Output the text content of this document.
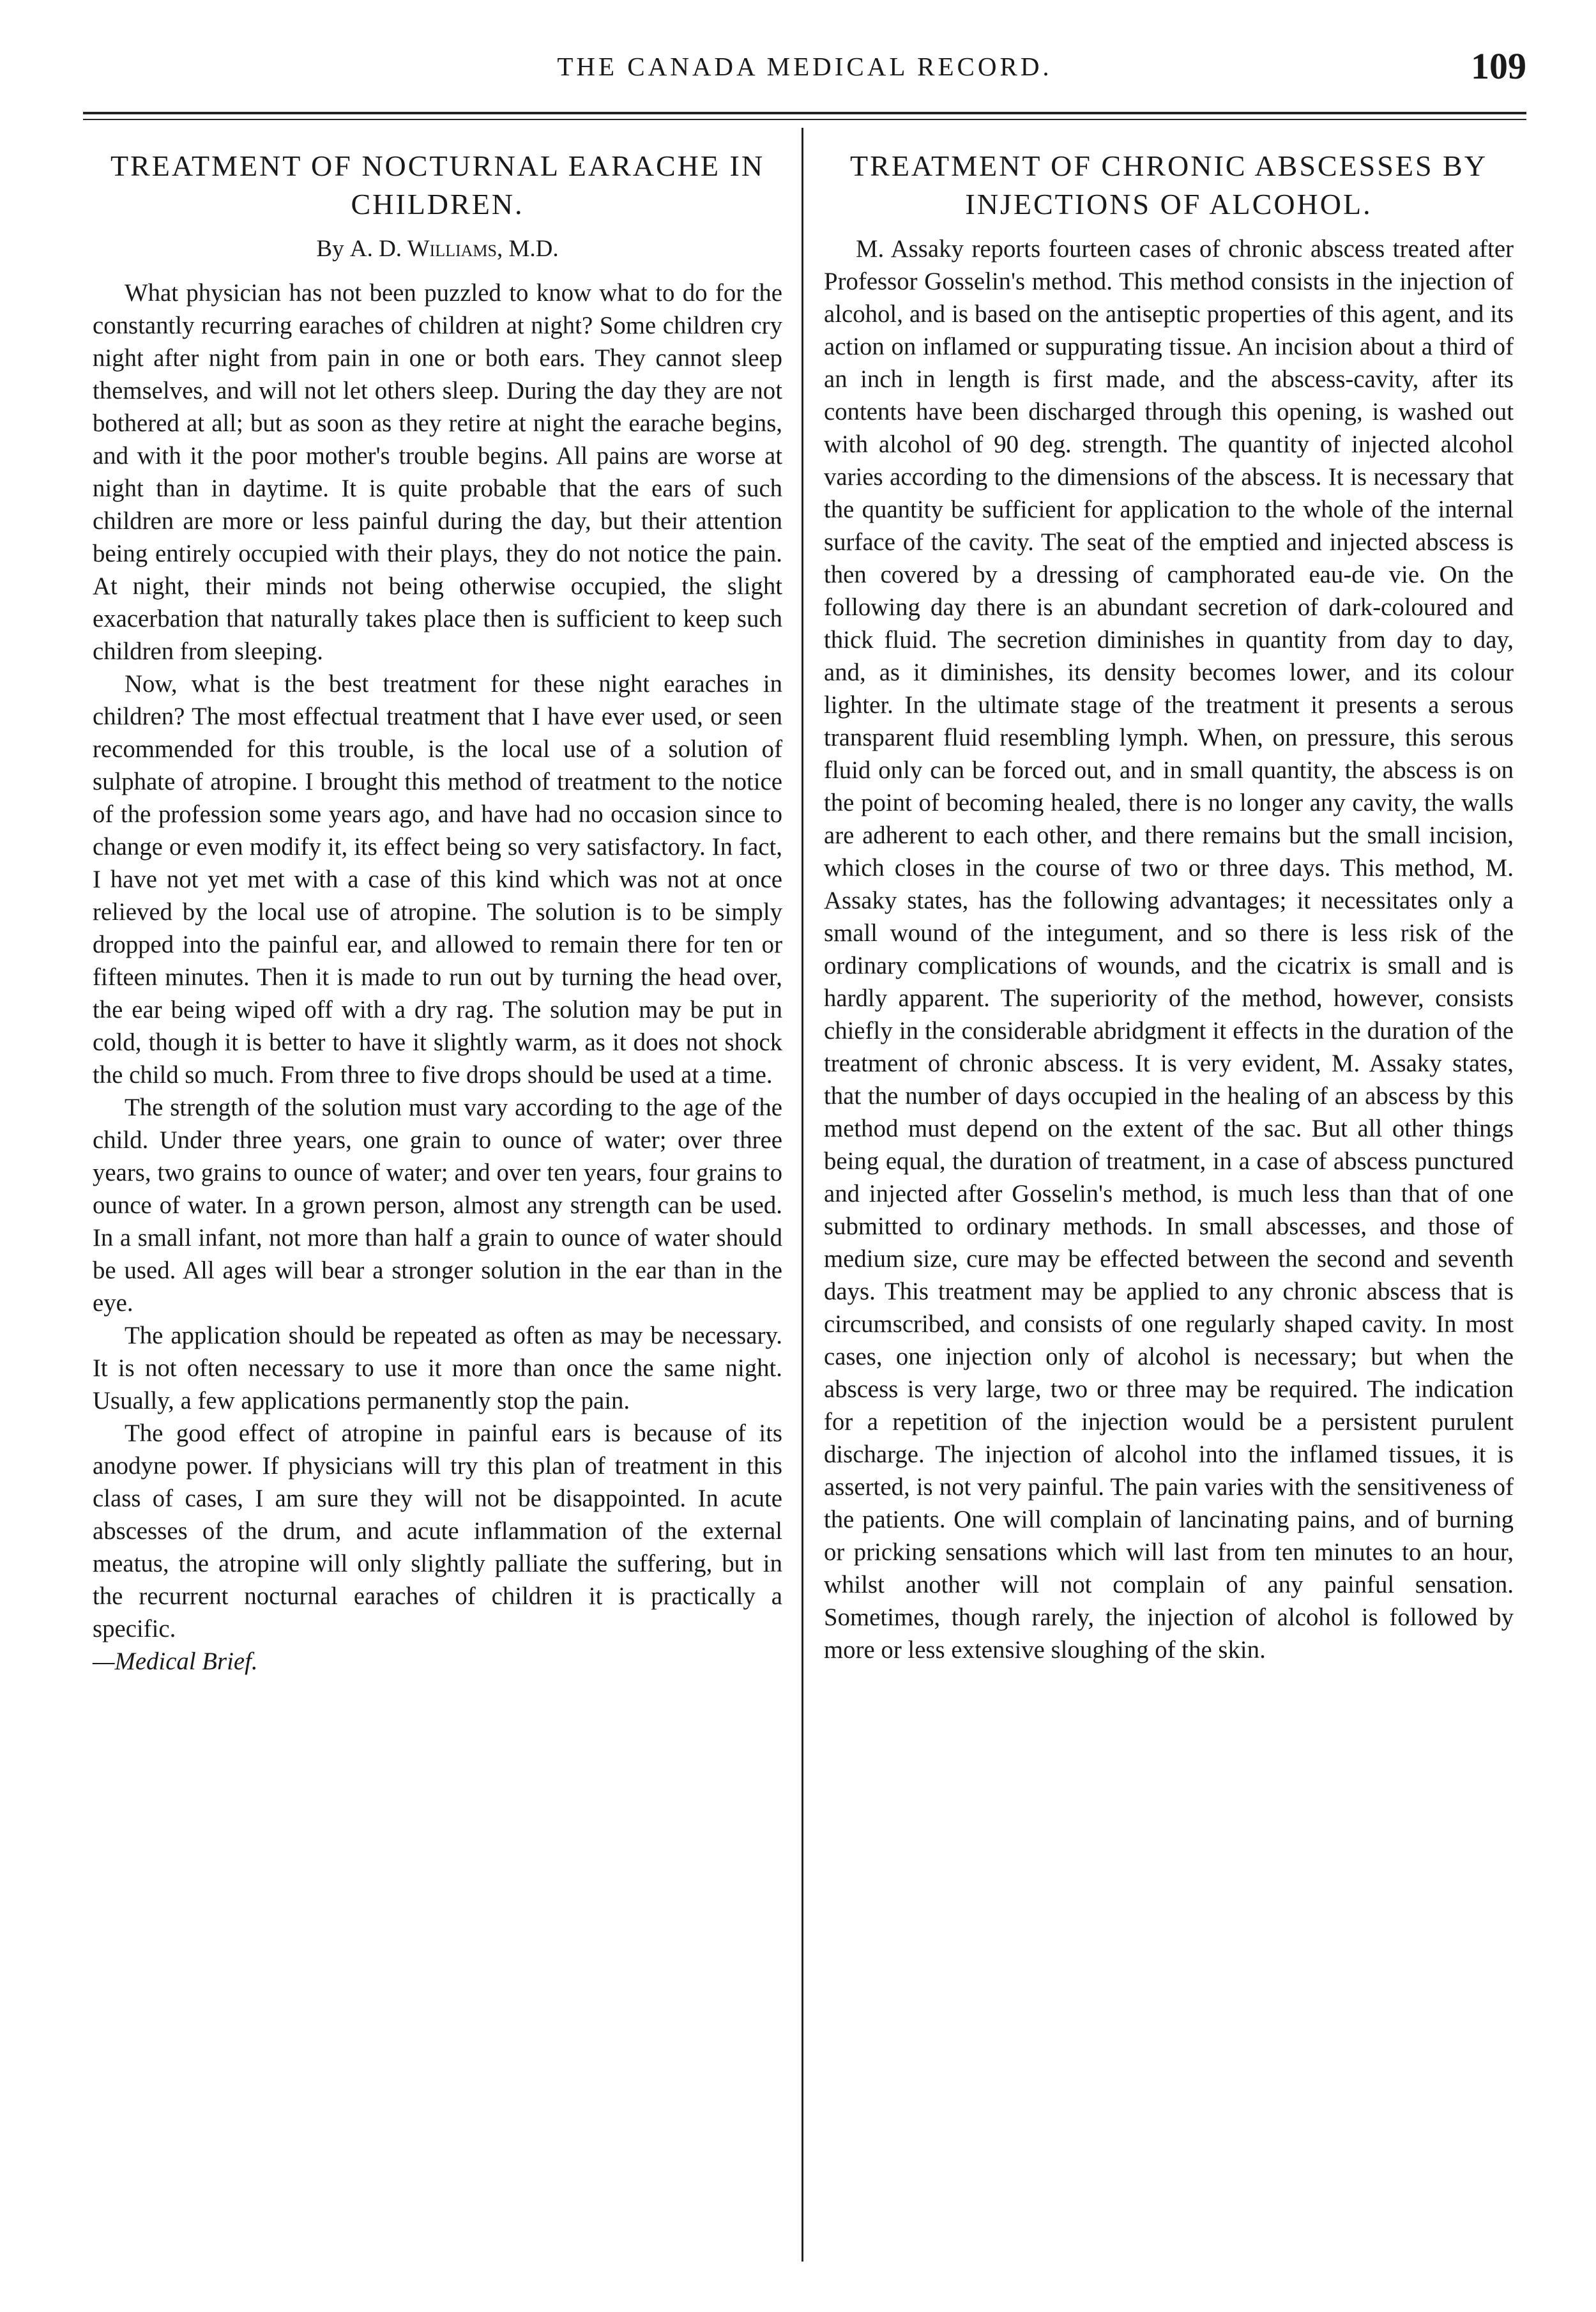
THE CANADA MEDICAL RECORD.	109
TREATMENT OF NOCTURNAL EARACHE IN CHILDREN.
By A. D. Williams, M.D.

What physician has not been puzzled to know what to do for the constantly recurring earaches of children at night? Some children cry night after night from pain in one or both ears. They cannot sleep themselves, and will not let others sleep. During the day they are not bothered at all; but as soon as they retire at night the earache begins, and with it the poor mother's trouble begins. All pains are worse at night than in daytime. It is quite probable that the ears of such children are more or less painful during the day, but their attention being entirely occupied with their plays, they do not notice the pain. At night, their minds not being otherwise occupied, the slight exacerbation that naturally takes place then is sufficient to keep such children from sleeping.

Now, what is the best treatment for these night earaches in children? The most effectual treatment that I have ever used, or seen recommended for this trouble, is the local use of a solution of sulphate of atropine. I brought this method of treatment to the notice of the profession some years ago, and have had no occasion since to change or even modify it, its effect being so very satisfactory. In fact, I have not yet met with a case of this kind which was not at once relieved by the local use of atropine. The solution is to be simply dropped into the painful ear, and allowed to remain there for ten or fifteen minutes. Then it is made to run out by turning the head over, the ear being wiped off with a dry rag. The solution may be put in cold, though it is better to have it slightly warm, as it does not shock the child so much. From three to five drops should be used at a time.

The strength of the solution must vary according to the age of the child. Under three years, one grain to ounce of water; over three years, two grains to ounce of water; and over ten years, four grains to ounce of water. In a grown person, almost any strength can be used. In a small infant, not more than half a grain to ounce of water should be used. All ages will bear a stronger solution in the ear than in the eye.

The application should be repeated as often as may be necessary. It is not often necessary to use it more than once the same night. Usually, a few applications permanently stop the pain.

The good effect of atropine in painful ears is because of its anodyne power. If physicians will try this plan of treatment in this class of cases, I am sure they will not be disappointed. In acute abscesses of the drum, and acute inflammation of the external meatus, the atropine will only slightly palliate the suffering, but in the recurrent nocturnal earaches of children it is practically a specific.

—Medical Brief.

TREATMENT OF CHRONIC ABSCESSES BY INJECTIONS OF ALCOHOL.

M. Assaky reports fourteen cases of chronic abscess treated after Professor Gosselin's method. This method consists in the injection of alcohol, and is based on the antiseptic properties of this agent, and its action on inflamed or suppurating tissue. An incision about a third of an inch in length is first made, and the abscess-cavity, after its contents have been discharged through this opening, is washed out with alcohol of 90 deg. strength. The quantity of injected alcohol varies according to the dimensions of the abscess. It is necessary that the quantity be sufficient for application to the whole of the internal surface of the cavity. The seat of the emptied and injected abscess is then covered by a dressing of camphorated eau-de vie. On the following day there is an abundant secretion of dark-coloured and thick fluid. The secretion diminishes in quantity from day to day, and, as it diminishes, its density becomes lower, and its colour lighter. In the ultimate stage of the treatment it presents a serous transparent fluid resembling lymph. When, on pressure, this serous fluid only can be forced out, and in small quantity, the abscess is on the point of becoming healed, there is no longer any cavity, the walls are adherent to each other, and there remains but the small incision, which closes in the course of two or three days. This method, M. Assaky states, has the following advantages; it necessitates only a small wound of the integument, and so there is less risk of the ordinary complications of wounds, and the cicatrix is small and is hardly apparent. The superiority of the method, however, consists chiefly in the considerable abridgment it effects in the duration of the treatment of chronic abscess. It is very evident, M. Assaky states, that the number of days occupied in the healing of an abscess by this method must depend on the extent of the sac. But all other things being equal, the duration of treatment, in a case of abscess punctured and injected after Gosselin's method, is much less than that of one submitted to ordinary methods. In small abscesses, and those of medium size, cure may be effected between the second and seventh days. This treatment may be applied to any chronic abscess that is circumscribed, and consists of one regularly shaped cavity. In most cases, one injection only of alcohol is necessary; but when the abscess is very large, two or three may be required. The indication for a repetition of the injection would be a persistent purulent discharge. The injection of alcohol into the inflamed tissues, it is asserted, is not very painful. The pain varies with the sensitiveness of the patients. One will complain of lancinating pains, and of burning or pricking sensations which will last from ten minutes to an hour, whilst another will not complain of any painful sensation. Sometimes, though rarely, the injection of alcohol is followed by more or less extensive sloughing of the skin.
